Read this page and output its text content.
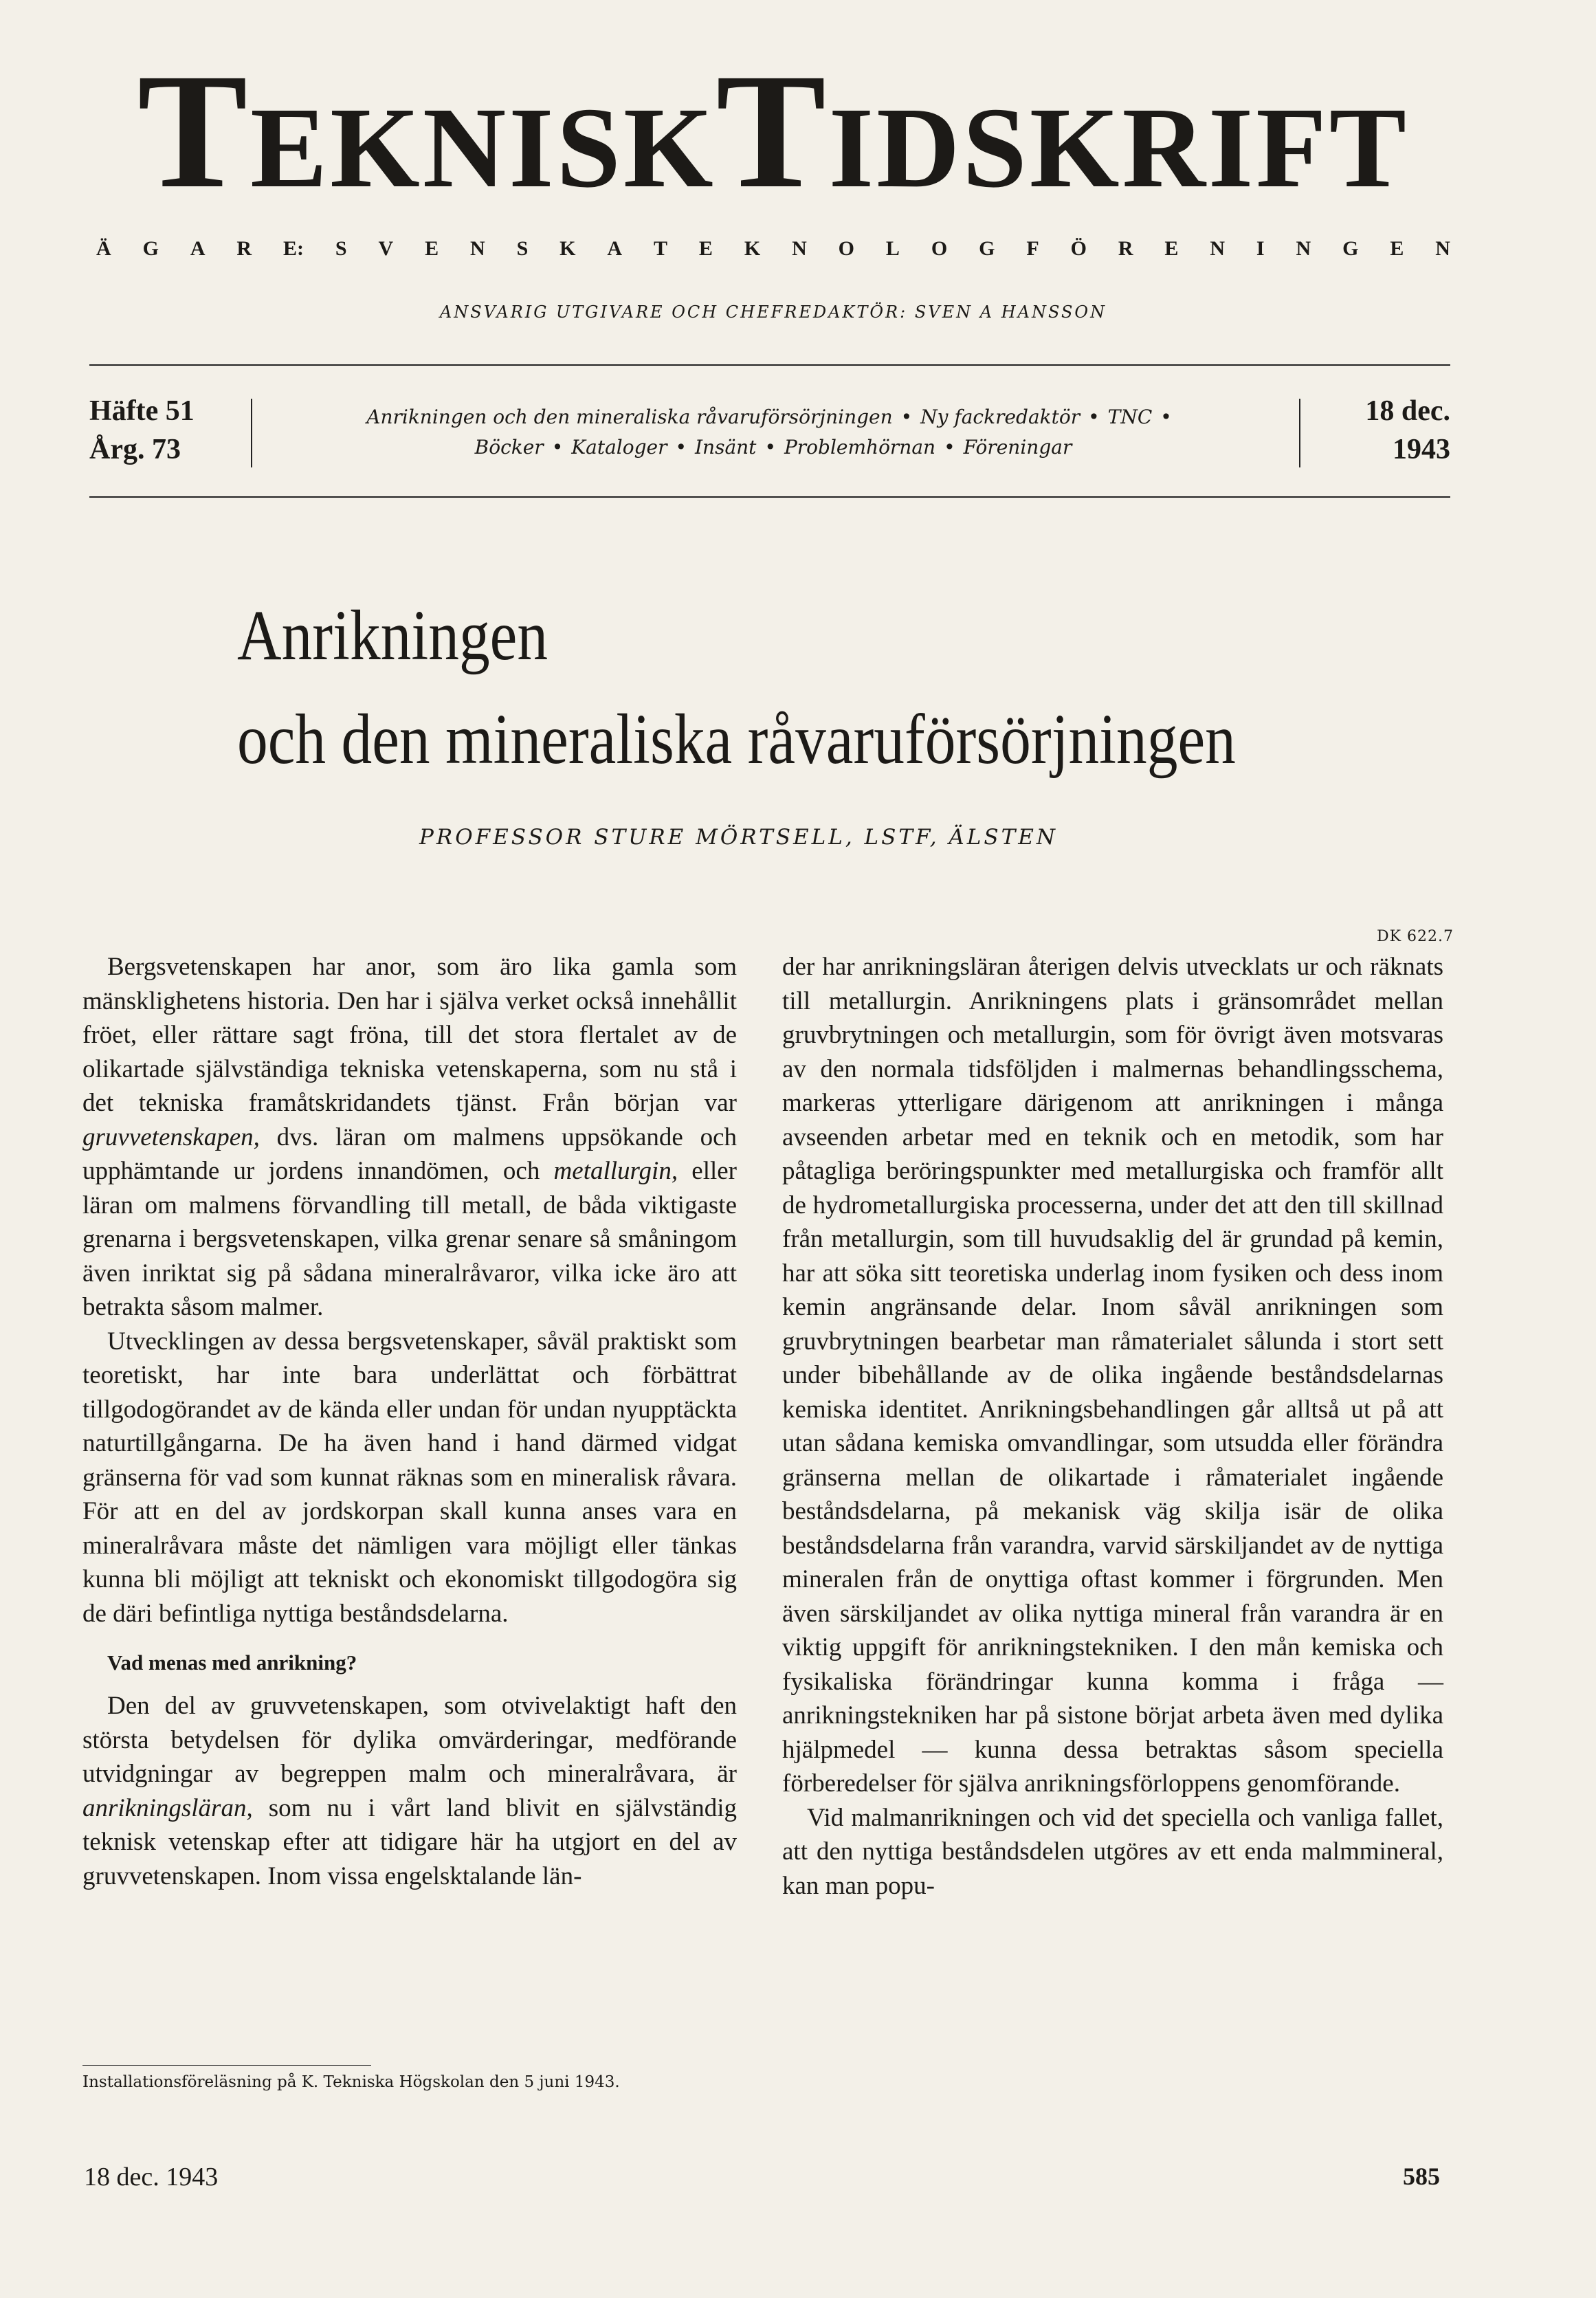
TEKNISKTIDSKRIFT
Ä G A R E: S V E N S K A T E K N O L O G F Ö R E N I N G E N
ANSVARIG UTGIVARE OCH CHEFREDAKTÖR: SVEN A HANSSON
Häfte 51
Årg. 73
Anrikningen och den mineraliska råvaruförsörjningen • Ny fackredaktör • TNC •
Böcker • Kataloger • Insänt • Problemhörnan • Föreningar
18 dec.
1943
Anrikningen
och den mineraliska råvaruförsörjningen
PROFESSOR STURE MÖRTSELL, LSTF, ÄLSTEN
DK 622.7

Bergsvetenskapen har anor, som äro lika gamla som mänsklighetens historia. Den har i själva verket också innehållit fröet, eller rättare sagt fröna, till det stora flertalet av de olikartade självständiga tekniska vetenskaperna, som nu stå i det tekniska framåtskridandets tjänst. Från början var gruvvetenskapen, dvs. läran om malmens uppsökande och upphämtande ur jordens innandömen, och metallurgin, eller läran om malmens förvandling till metall, de båda viktigaste grenarna i bergsvetenskapen, vilka grenar senare så småningom även inriktat sig på sådana mineralråvaror, vilka icke äro att betrakta såsom malmer.

Utvecklingen av dessa bergsvetenskaper, såväl praktiskt som teoretiskt, har inte bara underlättat och förbättrat tillgodogörandet av de kända eller undan för undan nyupptäckta naturtillgångarna. De ha även hand i hand därmed vidgat gränserna för vad som kunnat räknas som en mineralisk råvara. För att en del av jordskorpan skall kunna anses vara en mineralråvara måste det nämligen vara möjligt eller tänkas kunna bli möjligt att tekniskt och ekonomiskt tillgodogöra sig de däri befintliga nyttiga beståndsdelarna.

Vad menas med anrikning?

Den del av gruvvetenskapen, som otvivelaktigt haft den största betydelsen för dylika omvärderingar, medförande utvidgningar av begreppen malm och mineralråvara, är anrikningsläran, som nu i vårt land blivit en självständig teknisk vetenskap efter att tidigare här ha utgjort en del av gruvvetenskapen. Inom vissa engelsktalande län-

Installationsföreläsning på K. Tekniska Högskolan den 5 juni 1943.

der har anrikningsläran återigen delvis utvecklats ur och räknats till metallurgin. Anrikningens plats i gränsområdet mellan gruvbrytningen och metallurgin, som för övrigt även motsvaras av den normala tidsföljden i malmernas behandlingsschema, markeras ytterligare därigenom att anrikningen i många avseenden arbetar med en teknik och en metodik, som har påtagliga beröringspunkter med metallurgiska och framför allt de hydrometallurgiska processerna, under det att den till skillnad från metallurgin, som till huvudsaklig del är grundad på kemin, har att söka sitt teoretiska underlag inom fysiken och dess inom kemin angränsande delar. Inom såväl anrikningen som gruvbrytningen bearbetar man råmaterialet sålunda i stort sett under bibehållande av de olika ingående beståndsdelarnas kemiska identitet. Anrikningsbehandlingen går alltså ut på att utan sådana kemiska omvandlingar, som utsudda eller förändra gränserna mellan de olikartade i råmaterialet ingående beståndsdelarna, på mekanisk väg skilja isär de olika beståndsdelarna från varandra, varvid särskiljandet av de nyttiga mineralen från de onyttiga oftast kommer i förgrunden. Men även särskiljandet av olika nyttiga mineral från varandra är en viktig uppgift för anrikningstekniken. I den mån kemiska och fysikaliska förändringar kunna komma i fråga — anrikningstekniken har på sistone börjat arbeta även med dylika hjälpmedel — kunna dessa betraktas såsom speciella förberedelser för själva anrikningsförloppens genomförande.

Vid malmanrikningen och vid det speciella och vanliga fallet, att den nyttiga beståndsdelen utgöres av ett enda malmmineral, kan man popu-

18 dec. 1943	585
